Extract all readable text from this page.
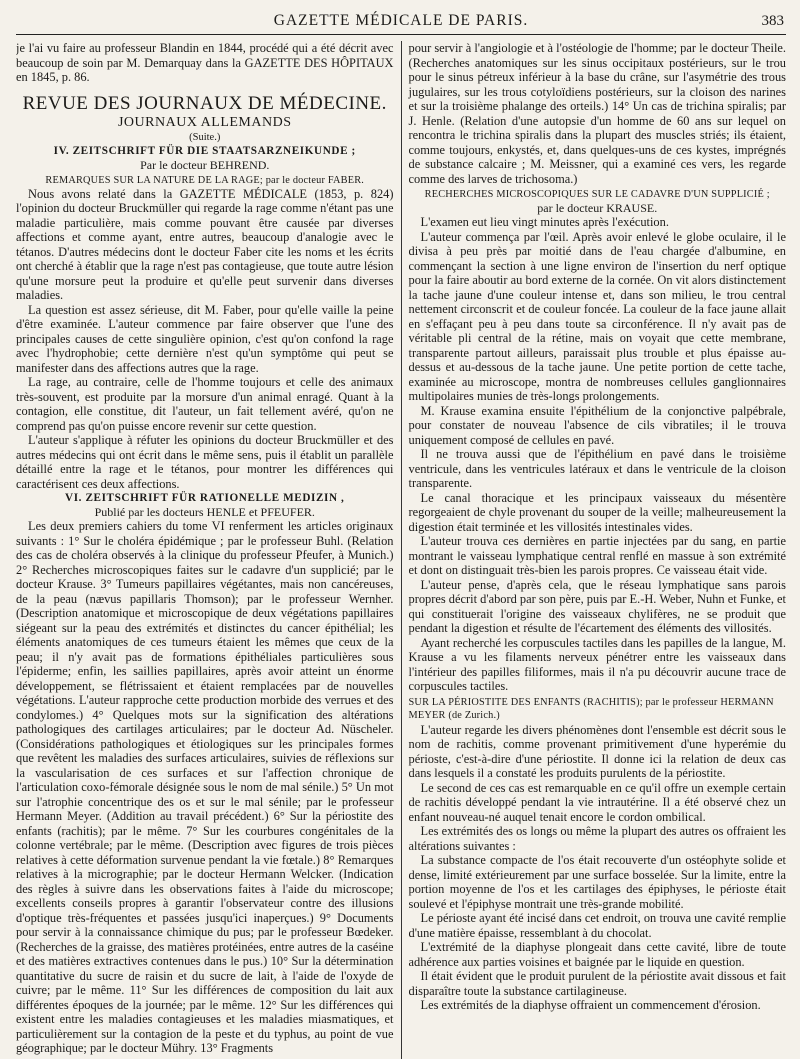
GAZETTE MÉDICALE DE PARIS.	383

je l'ai vu faire au professeur Blandin en 1844, procédé qui a été décrit avec beaucoup de soin par M. Demarquay dans la GAZETTE DES HÔPITAUX en 1845, p. 86.

REVUE DES JOURNAUX DE MÉDECINE.
JOURNAUX ALLEMANDS
(Suite.)
IV. ZEITSCHRIFT FÜR DIE STAATSARZNEIKUNDE ;
Par le docteur BEHREND.
REMARQUES SUR LA NATURE DE LA RAGE; par le docteur FABER.

Nous avons relaté dans la GAZETTE MÉDICALE (1853, p. 824) l'opinion du docteur Bruckmüller qui regarde la rage comme n'étant pas une maladie particulière, mais comme pouvant être causée par diverses affections et comme ayant, entre autres, beaucoup d'analogie avec le tétanos. D'autres médecins dont le docteur Faber cite les noms et les écrits ont cherché à établir que la rage n'est pas contagieuse, que toute autre lésion qu'une morsure peut la produire et qu'elle peut survenir dans diverses maladies.

La question est assez sérieuse, dit M. Faber, pour qu'elle vaille la peine d'être examinée. L'auteur commence par faire observer que l'une des principales causes de cette singulière opinion, c'est qu'on confond la rage avec l'hydrophobie; cette dernière n'est qu'un symptôme qui peut se manifester dans des affections autres que la rage.

La rage, au contraire, celle de l'homme toujours et celle des animaux très-souvent, est produite par la morsure d'un animal enragé. Quant à la contagion, elle constitue, dit l'auteur, un fait tellement avéré, qu'on ne comprend pas qu'on puisse encore revenir sur cette question.

L'auteur s'applique à réfuter les opinions du docteur Bruckmüller et des autres médecins qui ont écrit dans le même sens, puis il établit un parallèle détaillé entre la rage et le tétanos, pour montrer les différences qui caractérisent ces deux affections.

VI. ZEITSCHRIFT FÜR RATIONELLE MEDIZIN ,
Publié par les docteurs HENLE et PFEUFER.

Les deux premiers cahiers du tome VI renferment les articles originaux suivants : 1° Sur le choléra épidémique ; par le professeur Buhl. (Relation des cas de choléra observés à la clinique du professeur Pfeufer, à Munich.) 2° Recherches microscopiques faites sur le cadavre d'un supplicié; par le docteur Krause. 3° Tumeurs papillaires végétantes, mais non cancéreuses, de la peau (nævus papillaris Thomson); par le professeur Wernher. (Description anatomique et microscopique de deux végétations papillaires siégeant sur la peau des extrémités et distinctes du cancer épithélial; les éléments anatomiques de ces tumeurs étaient les mêmes que ceux de la peau; il n'y avait pas de formations épithéliales particulières sous l'épiderme; enfin, les saillies papillaires, après avoir atteint un énorme développement, se flétrissaient et étaient remplacées par de nouvelles végétations. L'auteur rapproche cette production morbide des verrues et des condylomes.) 4° Quelques mots sur la signification des altérations pathologiques des cartilages articulaires; par le docteur Ad. Nüscheler. (Considérations pathologiques et étiologiques sur les principales formes que revêtent les maladies des surfaces articulaires, suivies de réflexions sur la vascularisation de ces surfaces et sur l'affection chronique de l'articulation coxo-fémorale désignée sous le nom de mal sénile.) 5° Un mot sur l'atrophie concentrique des os et sur le mal sénile; par le professeur Hermann Meyer. (Addition au travail précédent.) 6° Sur la périostite des enfants (rachitis); par le même. 7° Sur les courbures congénitales de la colonne vertébrale; par le même. (Description avec figures de trois pièces relatives à cette déformation survenue pendant la vie fœtale.) 8° Remarques relatives à la micrographie; par le docteur Hermann Welcker. (Indication des règles à suivre dans les observations faites à l'aide du microscope; excellents conseils propres à garantir l'observateur contre des illusions d'optique très-fréquentes et passées jusqu'ici inaperçues.) 9° Documents pour servir à la connaissance chimique du pus; par le professeur Bœdeker. (Recherches de la graisse, des matières protéinées, entre autres de la caséine et des matières extractives contenues dans le pus.) 10° Sur la détermination quantitative du sucre de raisin et du sucre de lait, à l'aide de l'oxyde de cuivre; par le même. 11° Sur les différences de composition du lait aux différentes époques de la journée; par le même. 12° Sur les différences qui existent entre les maladies contagieuses et les maladies miasmatiques, et particulièrement sur la contagion de la peste et du typhus, au point de vue géographique; par le docteur Mühry. 13° Fragments

pour servir à l'angiologie et à l'ostéologie de l'homme; par le docteur Theile. (Recherches anatomiques sur les sinus occipitaux postérieurs, sur le trou pour le sinus pétreux inférieur à la base du crâne, sur l'asymétrie des trous jugulaires, sur les trous cotyloïdiens postérieurs, sur la cloison des narines et sur la troisième phalange des orteils.) 14° Un cas de trichina spiralis; par J. Henle. (Relation d'une autopsie d'un homme de 60 ans sur lequel on rencontra le trichina spiralis dans la plupart des muscles striés; ils étaient, comme toujours, enkystés, et, dans quelques-uns de ces kystes, imprégnés de substance calcaire ; M. Meissner, qui a examiné ces vers, les regarde comme des larves de trichosoma.)

RECHERCHES MICROSCOPIQUES SUR LE CADAVRE D'UN SUPPLICIÉ ;
par le docteur KRAUSE.

L'examen eut lieu vingt minutes après l'exécution.

L'auteur commença par l'œil. Après avoir enlevé le globe oculaire, il le divisa à peu près par moitié dans de l'eau chargée d'albumine, en commençant la section à une ligne environ de l'insertion du nerf optique pour la faire aboutir au bord externe de la cornée. On vit alors distinctement la tache jaune d'une couleur intense et, dans son milieu, le trou central nettement circonscrit et de couleur foncée. La couleur de la face jaune allait en s'effaçant peu à peu dans toute sa circonférence. Il n'y avait pas de véritable pli central de la rétine, mais on voyait que cette membrane, transparente partout ailleurs, paraissait plus trouble et plus épaisse au-dessus et au-dessous de la tache jaune. Une petite portion de cette tache, examinée au microscope, montra de nombreuses cellules ganglionnaires multipolaires munies de très-longs prolongements.

M. Krause examina ensuite l'épithélium de la conjonctive palpébrale, pour constater de nouveau l'absence de cils vibratiles; il le trouva uniquement composé de cellules en pavé.

Il ne trouva aussi que de l'épithélium en pavé dans le troisième ventricule, dans les ventricules latéraux et dans le ventricule de la cloison transparente.

Le canal thoracique et les principaux vaisseaux du mésentère regorgeaient de chyle provenant du souper de la veille; malheureusement la digestion était terminée et les villosités intestinales vides.

L'auteur trouva ces dernières en partie injectées par du sang, en partie montrant le vaisseau lymphatique central renflé en massue à son extrémité et dont on distinguait très-bien les parois propres. Ce vaisseau était vide.

L'auteur pense, d'après cela, que le réseau lymphatique sans parois propres décrit d'abord par son père, puis par E.-H. Weber, Nuhn et Funke, et qui constituerait l'origine des vaisseaux chylifères, ne se produit que pendant la digestion et résulte de l'écartement des éléments des villosités.

Ayant recherché les corpuscules tactiles dans les papilles de la langue, M. Krause a vu les filaments nerveux pénétrer entre les vaisseaux dans l'intérieur des papilles filiformes, mais il n'a pu découvrir aucune trace de corpuscules tactiles.

SUR LA PÉRIOSTITE DES ENFANTS (RACHITIS); par le professeur HERMANN MEYER (de Zurich.)

L'auteur regarde les divers phénomènes dont l'ensemble est décrit sous le nom de rachitis, comme provenant primitivement d'une hyperémie du périoste, c'est-à-dire d'une périostite. Il donne ici la relation de deux cas dans lesquels il a constaté les produits purulents de la périostite.

Le second de ces cas est remarquable en ce qu'il offre un exemple certain de rachitis développé pendant la vie intrautérine. Il a été observé chez un enfant nouveau-né auquel tenait encore le cordon ombilical.

Les extrémités des os longs ou même la plupart des autres os offraient les altérations suivantes :

La substance compacte de l'os était recouverte d'un ostéophyte solide et dense, limité extérieurement par une surface bosselée. Sur la limite, entre la portion moyenne de l'os et les cartilages des épiphyses, le périoste était soulevé et l'épiphyse montrait une très-grande mobilité.

Le périoste ayant été incisé dans cet endroit, on trouva une cavité remplie d'une matière épaisse, ressemblant à du chocolat.

L'extrémité de la diaphyse plongeait dans cette cavité, libre de toute adhérence aux parties voisines et baignée par le liquide en question.

Il était évident que le produit purulent de la périostite avait dissous et fait disparaître toute la substance cartilagineuse.

Les extrémités de la diaphyse offraient un commencement d'érosion.
